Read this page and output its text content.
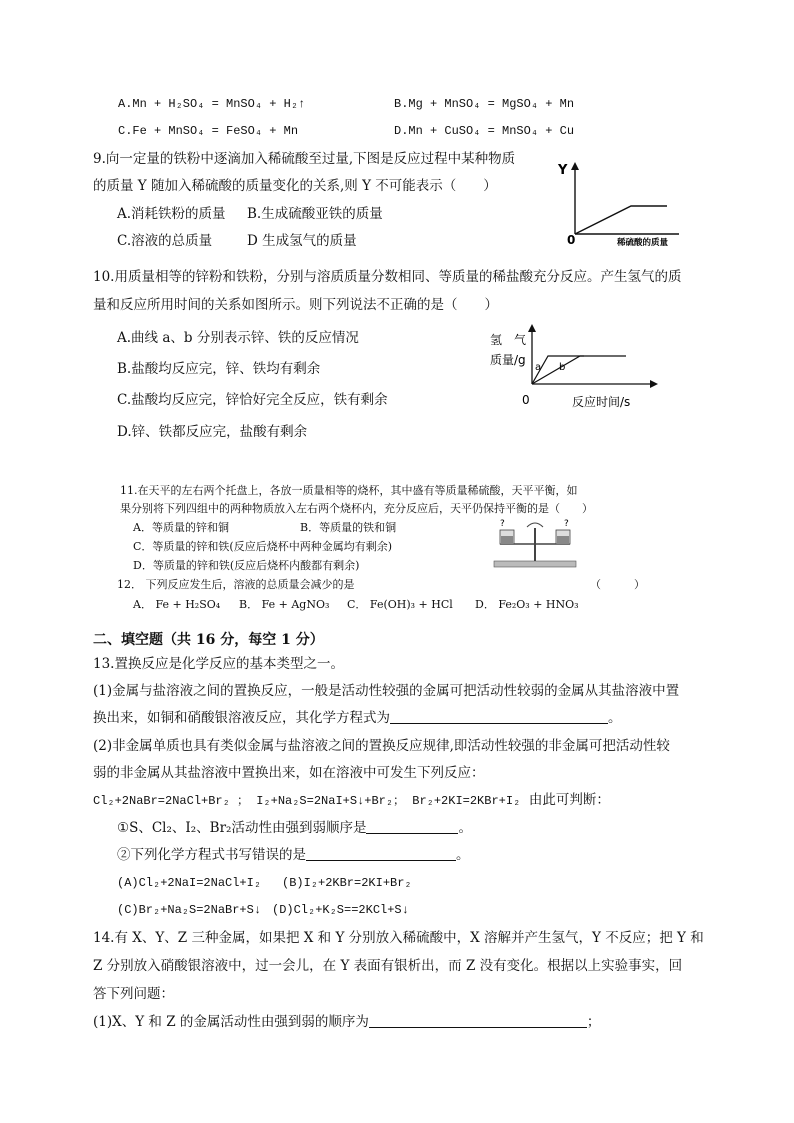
A.Mn + H₂SO₄ = MnSO₄ + H₂↑	B.Mg + MnSO₄ = MgSO₄ + Mn
C.Fe + MnSO₄ = FeSO₄ + Mn	D.Mn + CuSO₄ = MnSO₄ + Cu
9.向一定量的铁粉中逐滴加入稀硫酸至过量,下图是反应过程中某种物质
的质量 Y 随加入稀硫酸的质量变化的关系,则 Y 不可能表示（　　）
A.消耗铁粉的质量 B.生成硫酸亚铁的质量
C.溶液的总质量	D 生成氢气的质量
Y
0	稀硫酸的质量
10.用质量相等的锌粉和铁粉，分别与溶质质量分数相同、等质量的稀盐酸充分反应。产生氢气的质
量和反应所用时间的关系如图所示。则下列说法不正确的是（　　）
A.曲线 a、b 分别表示锌、铁的反应情况
B.盐酸均反应完，锌、铁均有剩余
C.盐酸均反应完，锌恰好完全反应，铁有剩余
D.锌、铁都反应完，盐酸有剩余
氢　气
质量/g
a b
0	反应时间/s
11.在天平的左右两个托盘上，各放一质量相等的烧杯，其中盛有等质量稀硫酸，天平平衡，如
果分别将下列四组中的两种物质放入左右两个烧杯内，充分反应后，天平仍保持平衡的是（　　）
A．等质量的锌和铜	B．等质量的铁和铜
C．等质量的锌和铁(反应后烧杯中两种金属均有剩余)
D．等质量的锌和铁(反应后烧杯内酸都有剩余)
?	?
12． 下列反应发生后，溶液的总质量会减少的是	（　　　）
A． Fe + H₂SO₄ B． Fe + AgNO₃ C． Fe(OH)₃ + HCl D． Fe₂O₃ + HNO₃
二、填空题（共 16 分，每空 1 分）
13.置换反应是化学反应的基本类型之一。
(1)金属与盐溶液之间的置换反应，一般是活动性较强的金属可把活动性较弱的金属从其盐溶液中置
换出来，如铜和硝酸银溶液反应，其化学方程式为	。
(2)非金属单质也具有类似金属与盐溶液之间的置换反应规律,即活动性较强的非金属可把活动性较
弱的非金属从其盐溶液中置换出来，如在溶液中可发生下列反应：
Cl₂+2NaBr=2NaCl+Br₂ ； I₂+Na₂S=2NaI+S↓+Br₂； Br₂+2KI=2KBr+I₂ 由此可判断：
①S、Cl₂、I₂、Br₂活动性由强到弱顺序是	。
②下列化学方程式书写错误的是	。
(A)Cl₂+2NaI=2NaCl+I₂ (B)I₂+2KBr=2KI+Br₂
(C)Br₂+Na₂S=2NaBr+S↓ (D)Cl₂+K₂S==2KCl+S↓
14.有 X、Y、Z 三种金属，如果把 X 和 Y 分别放入稀硫酸中，X 溶解并产生氢气，Y 不反应；把 Y 和
Z 分别放入硝酸银溶液中，过一会儿，在 Y 表面有银析出，而 Z 没有变化。根据以上实验事实，回
答下列问题：
(1)X、Y 和 Z 的金属活动性由强到弱的顺序为	；
